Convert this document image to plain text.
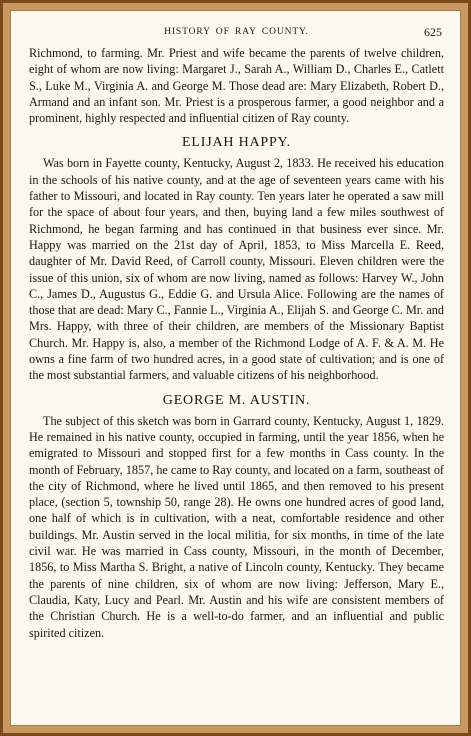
HISTORY OF RAY COUNTY.	625

Richmond, to farming. Mr. Priest and wife became the parents of twelve children, eight of whom are now living: Margaret J., Sarah A., William D., Charles E., Catlett S., Luke M., Virginia A. and George M. Those dead are: Mary Elizabeth, Robert D., Armand and an infant son. Mr. Priest is a prosperous farmer, a good neighbor and a prominent, highly respected and influential citizen of Ray county.

ELIJAH HAPPY.

Was born in Fayette county, Kentucky, August 2, 1833. He received his education in the schools of his native county, and at the age of seventeen years came with his father to Missouri, and located in Ray county. Ten years later he operated a saw mill for the space of about four years, and then, buying land a few miles southwest of Richmond, he began farming and has continued in that business ever since. Mr. Happy was married on the 21st day of April, 1853, to Miss Marcella E. Reed, daughter of Mr. David Reed, of Carroll county, Missouri. Eleven children were the issue of this union, six of whom are now living, named as follows: Harvey W., John C., James D., Augustus G., Eddie G. and Ursula Alice. Following are the names of those that are dead: Mary C., Fannie L., Virginia A., Elijah S. and George C. Mr. and Mrs. Happy, with three of their children, are members of the Missionary Baptist Church. Mr. Happy is, also, a member of the Richmond Lodge of A. F. & A. M. He owns a fine farm of two hundred acres, in a good state of cultivation; and is one of the most substantial farmers, and valuable citizens of his neighborhood.

GEORGE M. AUSTIN.

The subject of this sketch was born in Garrard county, Kentucky, August 1, 1829. He remained in his native county, occupied in farming, until the year 1856, when he emigrated to Missouri and stopped first for a few months in Cass county. In the month of February, 1857, he came to Ray county, and located on a farm, southeast of the city of Richmond, where he lived until 1865, and then removed to his present place, (section 5, township 50, range 28). He owns one hundred acres of good land, one half of which is in cultivation, with a neat, comfortable residence and other buildings. Mr. Austin served in the local militia, for six months, in time of the late civil war. He was married in Cass county, Missouri, in the month of December, 1856, to Miss Martha S. Bright, a native of Lincoln county, Kentucky. They became the parents of nine children, six of whom are now living: Jefferson, Mary E., Claudia, Katy, Lucy and Pearl. Mr. Austin and his wife are consistent members of the Christian Church. He is a well-to-do farmer, and an influential and public spirited citizen.
